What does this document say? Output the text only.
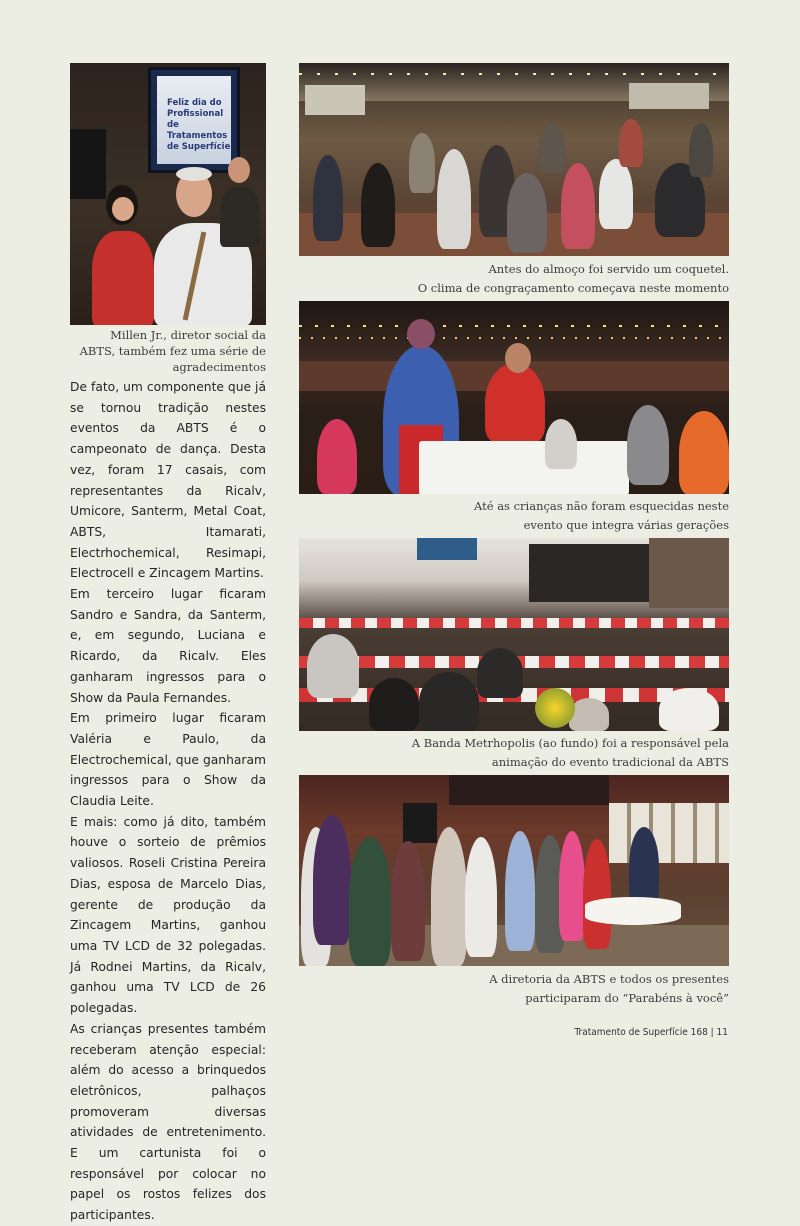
Feliz dia do Profissional de Tratamentos de Superfície
Millen Jr., diretor social da
ABTS, também fez uma série de
agradecimentos
Antes do almoço foi servido um coquetel.
O clima de congraçamento começava neste momento
Até as crianças não foram esquecidas neste
evento que integra várias gerações
A Banda Metrhopolis (ao fundo) foi a responsável pela
animação do evento tradicional da ABTS
A diretoria da ABTS e todos os presentes
participaram do “Parabéns à você”

De fato, um componente que já se tornou tradição nestes eventos da ABTS é o campeonato de dança. Desta vez, foram 17 casais, com representantes da Ricalv, Umicore, Santerm, Metal Coat, ABTS, Itamarati, Electrhochemical, Resimapi, Electrocell e Zincagem Martins.

Em terceiro lugar ficaram Sandro e Sandra, da Santerm, e, em segundo, Luciana e Ricardo, da Ricalv. Eles ganharam ingressos para o Show da Paula Fernandes.

Em primeiro lugar ficaram Valéria e Paulo, da Electrochemical, que ganharam ingressos para o Show da Claudia Leite.

E mais: como já dito, também houve o sorteio de prêmios valiosos. Roseli Cristina Pereira Dias, esposa de Marcelo Dias, gerente de produção da Zincagem Martins, ganhou uma TV LCD de 32 polegadas. Já Rodnei Martins, da Ricalv, ganhou uma TV LCD de 26 polegadas.

As crianças presentes também receberam atenção especial: além do acesso a brinquedos eletrônicos, palhaços promoveram diversas atividades de entretenimento. E um cartunista foi o responsável por colocar no papel os rostos felizes dos participantes.

Tratamento de Superfície 168 | 11
